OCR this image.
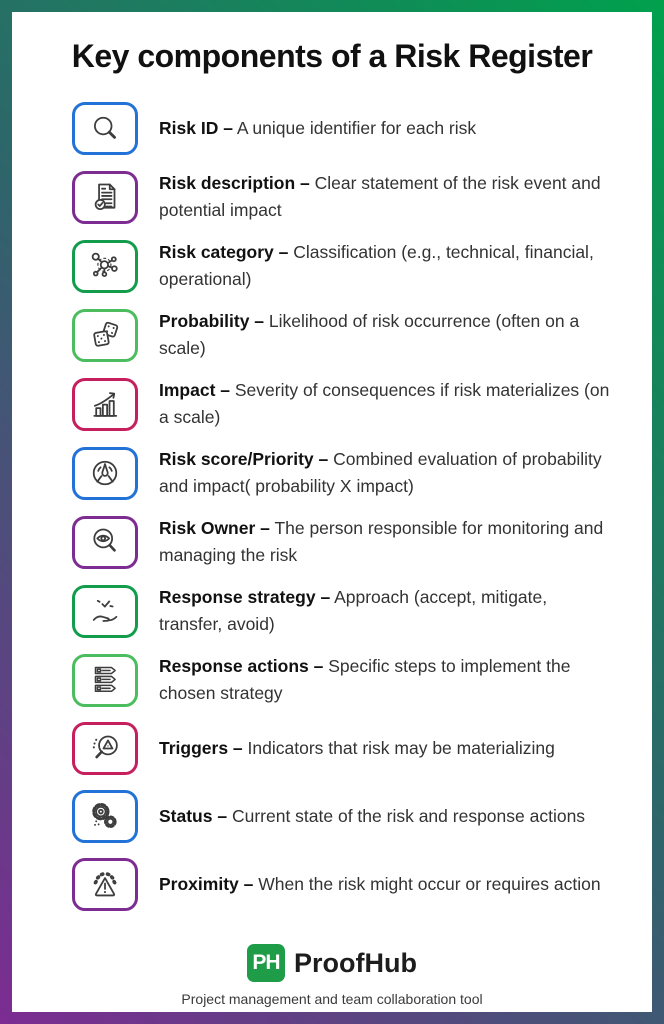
Key components of a Risk Register

Risk ID – A unique identifier for each risk

Risk description – Clear statement of the risk event and potential impact

Risk category – Classification (e.g., technical, financial, operational)

Probability – Likelihood of risk occurrence (often on a scale)

Impact – Severity of consequences if risk materializes (on a scale)

Risk score/Priority – Combined evaluation of probability and impact( probability X impact)

Risk Owner – The person responsible for monitoring and managing the risk

Response strategy – Approach (accept, mitigate, transfer, avoid)

Response actions – Specific steps to implement the chosen strategy

Triggers – Indicators that risk may be materializing

Status – Current state of the risk and response actions

Proximity – When the risk might occur or requires action

PH ProofHub
Project management and team collaboration tool
